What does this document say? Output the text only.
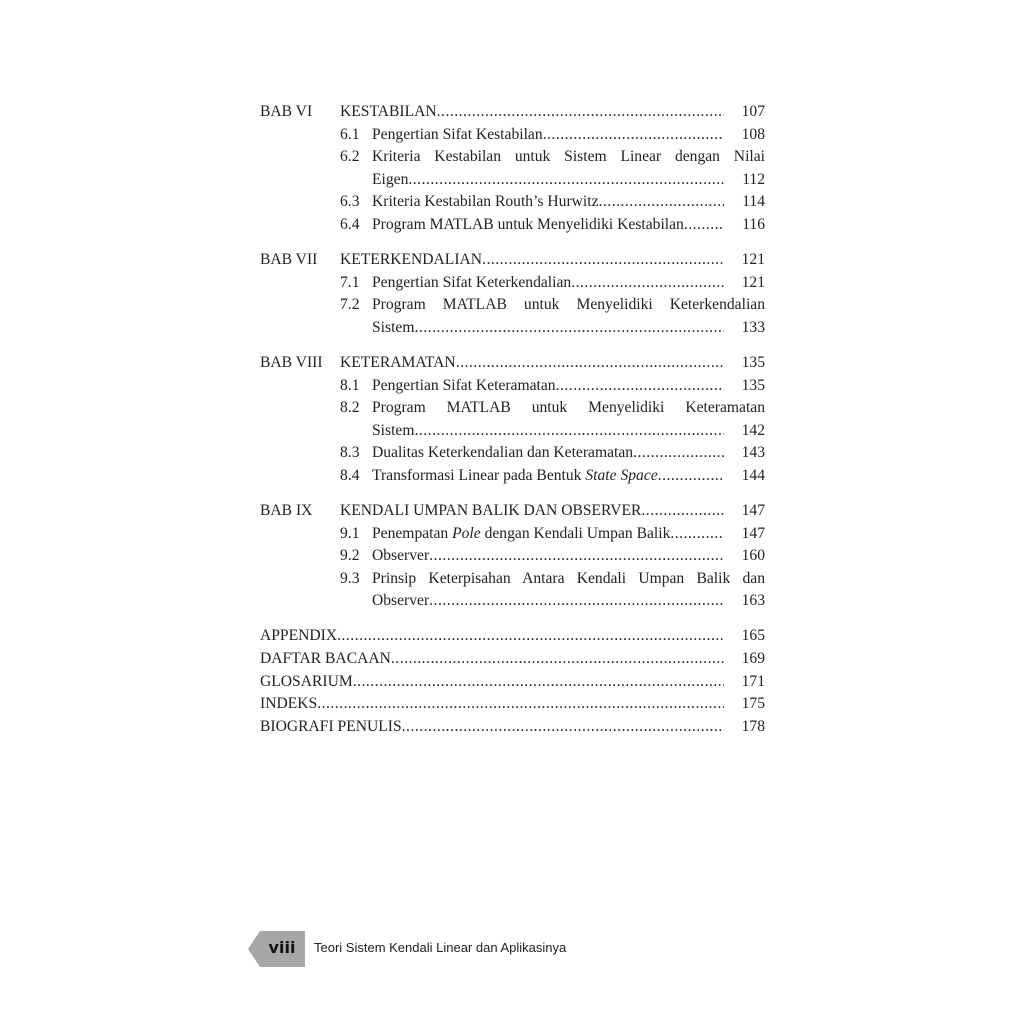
BAB VI KESTABILAN .....	107
6.1 Pengertian Sifat Kestabilan .....	108
6.2 Kriteria Kestabilan untuk Sistem Linear dengan Nilai
Eigen .....	112
6.3 Kriteria Kestabilan Routh’s Hurwitz .....	114
6.4 Program MATLAB untuk Menyelidiki Kestabilan .....	116
BAB VII KETERKENDALIAN .....	121
7.1 Pengertian Sifat Keterkendalian .....	121
7.2 Program MATLAB untuk Menyelidiki Keterkendalian
Sistem .....	133
BAB VIII KETERAMATAN .....	135
8.1 Pengertian Sifat Keteramatan .....	135
8.2 Program MATLAB untuk Menyelidiki Keteramatan
Sistem .....	142
8.3 Dualitas Keterkendalian dan Keteramatan .....	143
8.4 Transformasi Linear pada Bentuk State Space .....	144
BAB IX KENDALI UMPAN BALIK DAN OBSERVER .....	147
9.1 Penempatan Pole dengan Kendali Umpan Balik .....	147
9.2 Observer .....	160
9.3 Prinsip Keterpisahan Antara Kendali Umpan Balik dan
Observer .....	163
APPENDIX .....	165
DAFTAR BACAAN .....	169
GLOSARIUM .....	171
INDEKS .....	175
BIOGRAFI PENULIS .....	178
viii	Teori Sistem Kendali Linear dan Aplikasinya
